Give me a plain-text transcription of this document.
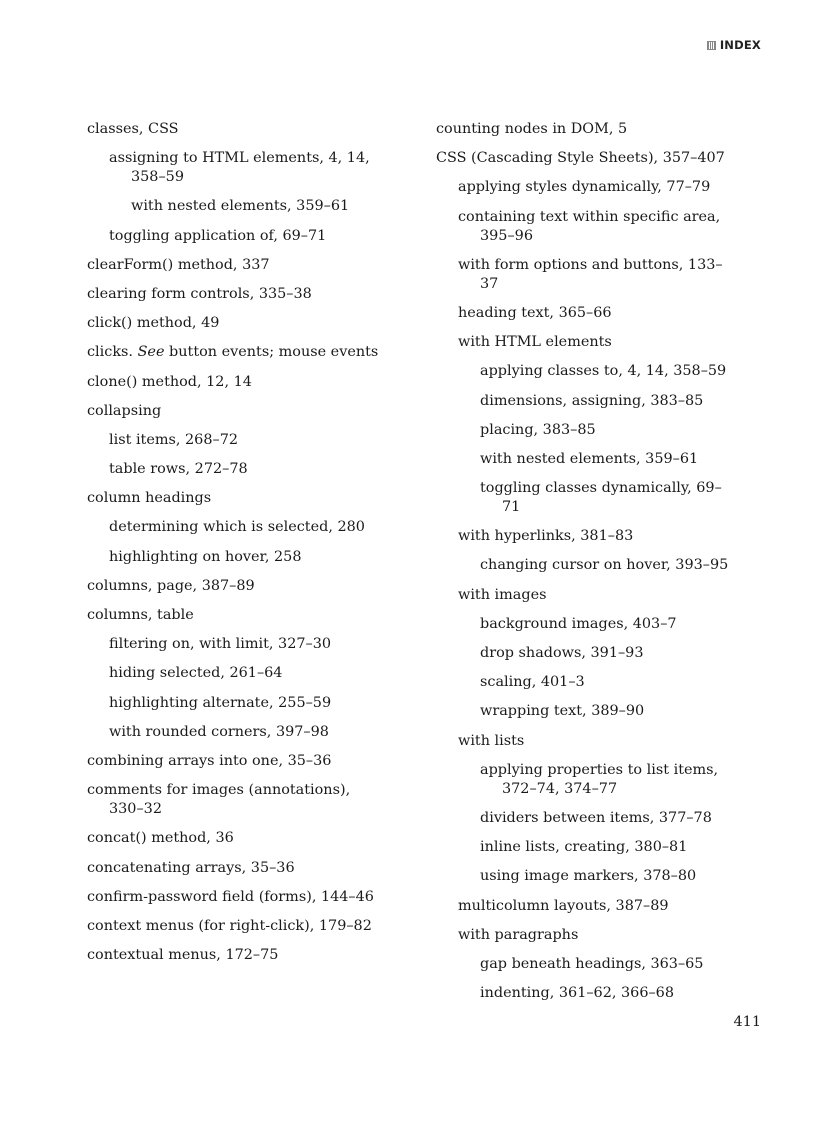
INDEX
classes, CSS
assigning to HTML elements, 4, 14, 358–59
with nested elements, 359–61
toggling application of, 69–71
clearForm() method, 337
clearing form controls, 335–38
click() method, 49
clicks. See button events; mouse events
clone() method, 12, 14
collapsing
list items, 268–72
table rows, 272–78
column headings
determining which is selected, 280
highlighting on hover, 258
columns, page, 387–89
columns, table
filtering on, with limit, 327–30
hiding selected, 261–64
highlighting alternate, 255–59
with rounded corners, 397–98
combining arrays into one, 35–36
comments for images (annotations), 330–32
concat() method, 36
concatenating arrays, 35–36
confirm-password field (forms), 144–46
context menus (for right-click), 179–82
contextual menus, 172–75
counting nodes in DOM, 5
CSS (Cascading Style Sheets), 357–407
applying styles dynamically, 77–79
containing text within specific area, 395–96
with form options and buttons, 133–37
heading text, 365–66
with HTML elements
applying classes to, 4, 14, 358–59
dimensions, assigning, 383–85
placing, 383–85
with nested elements, 359–61
toggling classes dynamically, 69–71
with hyperlinks, 381–83
changing cursor on hover, 393–95
with images
background images, 403–7
drop shadows, 391–93
scaling, 401–3
wrapping text, 389–90
with lists
applying properties to list items, 372–74, 374–77
dividers between items, 377–78
inline lists, creating, 380–81
using image markers, 378–80
multicolumn layouts, 387–89
with paragraphs
gap beneath headings, 363–65
indenting, 361–62, 366–68
411
